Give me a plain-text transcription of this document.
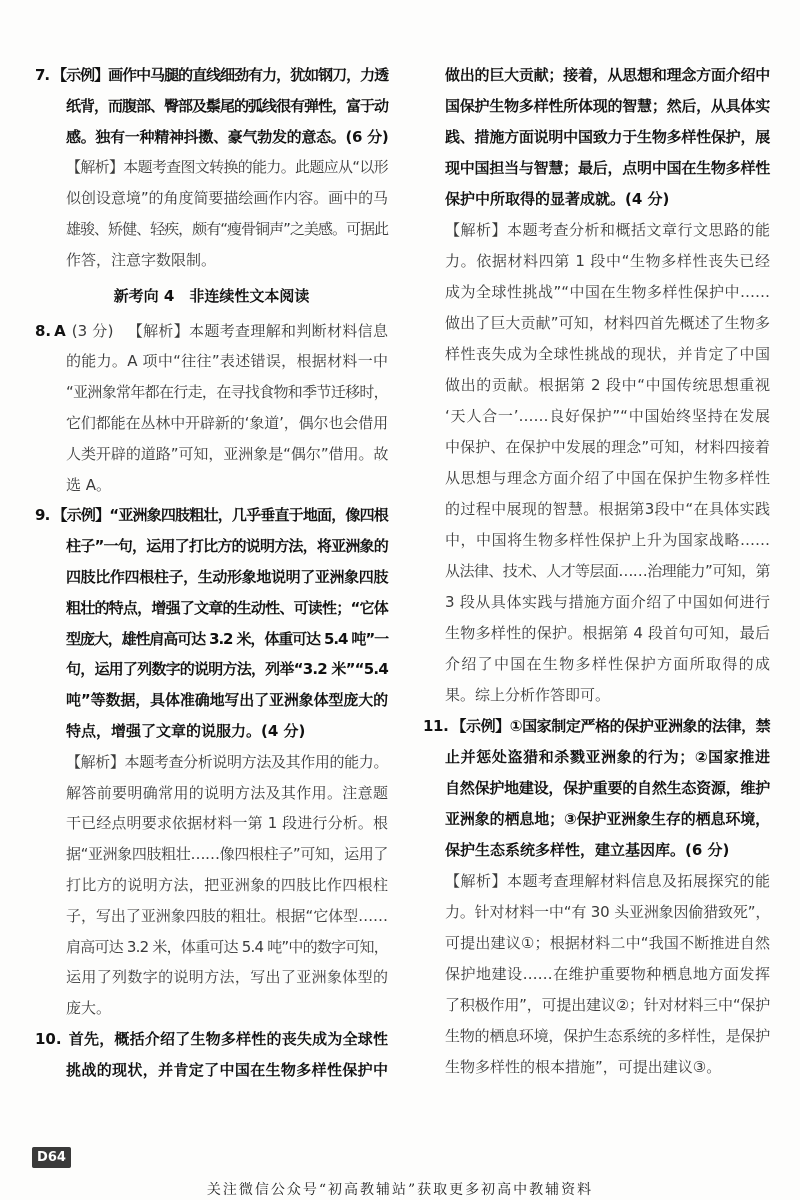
7. 【示例】画作中马腿的直线细劲有力，犹如钢刀，力透
纸背，而腹部、臀部及鬃尾的弧线很有弹性，富于动
感。独有一种精神抖擞、豪气勃发的意态。(6 分)
【解析】本题考查图文转换的能力。此题应从“以形
似创设意境”的角度简要描绘画作内容。画中的马
雄骏、矫健、轻疾，颇有“瘦骨铜声”之美感。可据此
作答，注意字数限制。
新考向 4　非连续性文本阅读
8. A (3 分) 【解析】本题考查理解和判断材料信息
的能力。A 项中“往往”表述错误，根据材料一中
“亚洲象常年都在行走，在寻找食物和季节迁移时，
它们都能在丛林中开辟新的‘象道’，偶尔也会借用
人类开辟的道路”可知，亚洲象是“偶尔”借用。故
选 A。
9. 【示例】“亚洲象四肢粗壮，几乎垂直于地面，像四根
柱子”一句，运用了打比方的说明方法，将亚洲象的
四肢比作四根柱子，生动形象地说明了亚洲象四肢
粗壮的特点，增强了文章的生动性、可读性；“它体
型庞大，雄性肩高可达 3.2 米，体重可达 5.4 吨”一
句，运用了列数字的说明方法，列举“3.2 米”“5.4
吨”等数据，具体准确地写出了亚洲象体型庞大的
特点，增强了文章的说服力。(4 分)
【解析】本题考查分析说明方法及其作用的能力。
解答前要明确常用的说明方法及其作用。注意题
干已经点明要求依据材料一第 1 段进行分析。根
据“亚洲象四肢粗壮……像四根柱子”可知，运用了
打比方的说明方法，把亚洲象的四肢比作四根柱
子，写出了亚洲象四肢的粗壮。根据“它体型……
肩高可达 3.2 米，体重可达 5.4 吨”中的数字可知，
运用了列数字的说明方法，写出了亚洲象体型的
庞大。
10. 首先，概括介绍了生物多样性的丧失成为全球性
挑战的现状，并肯定了中国在生物多样性保护中
做出的巨大贡献；接着，从思想和理念方面介绍中
国保护生物多样性所体现的智慧；然后，从具体实
践、措施方面说明中国致力于生物多样性保护，展
现中国担当与智慧；最后，点明中国在生物多样性
保护中所取得的显著成就。(4 分)
【解析】本题考查分析和概括文章行文思路的能
力。依据材料四第 1 段中“生物多样性丧失已经
成为全球性挑战”“中国在生物多样性保护中……
做出了巨大贡献”可知，材料四首先概述了生物多
样性丧失成为全球性挑战的现状，并肯定了中国
做出的贡献。根据第 2 段中“中国传统思想重视
‘天人合一’……良好保护”“中国始终坚持在发展
中保护、在保护中发展的理念”可知，材料四接着
从思想与理念方面介绍了中国在保护生物多样性
的过程中展现的智慧。根据第3段中“在具体实践
中，中国将生物多样性保护上升为国家战略……
从法律、技术、人才等层面……治理能力”可知，第
3 段从具体实践与措施方面介绍了中国如何进行
生物多样性的保护。根据第 4 段首句可知，最后
介绍了中国在生物多样性保护方面所取得的成
果。综上分析作答即可。
11. 【示例】①国家制定严格的保护亚洲象的法律，禁
止并惩处盗猎和杀戮亚洲象的行为；②国家推进
自然保护地建设，保护重要的自然生态资源，维护
亚洲象的栖息地；③保护亚洲象生存的栖息环境，
保护生态系统多样性，建立基因库。(6 分)
【解析】本题考查理解材料信息及拓展探究的能
力。针对材料一中“有 30 头亚洲象因偷猎致死”，
可提出建议①；根据材料二中“我国不断推进自然
保护地建设……在维护重要物种栖息地方面发挥
了积极作用”，可提出建议②；针对材料三中“保护
生物的栖息环境，保护生态系统的多样性，是保护
生物多样性的根本措施”，可提出建议③。
D64
关注微信公众号“初高教辅站”获取更多初高中教辅资料
